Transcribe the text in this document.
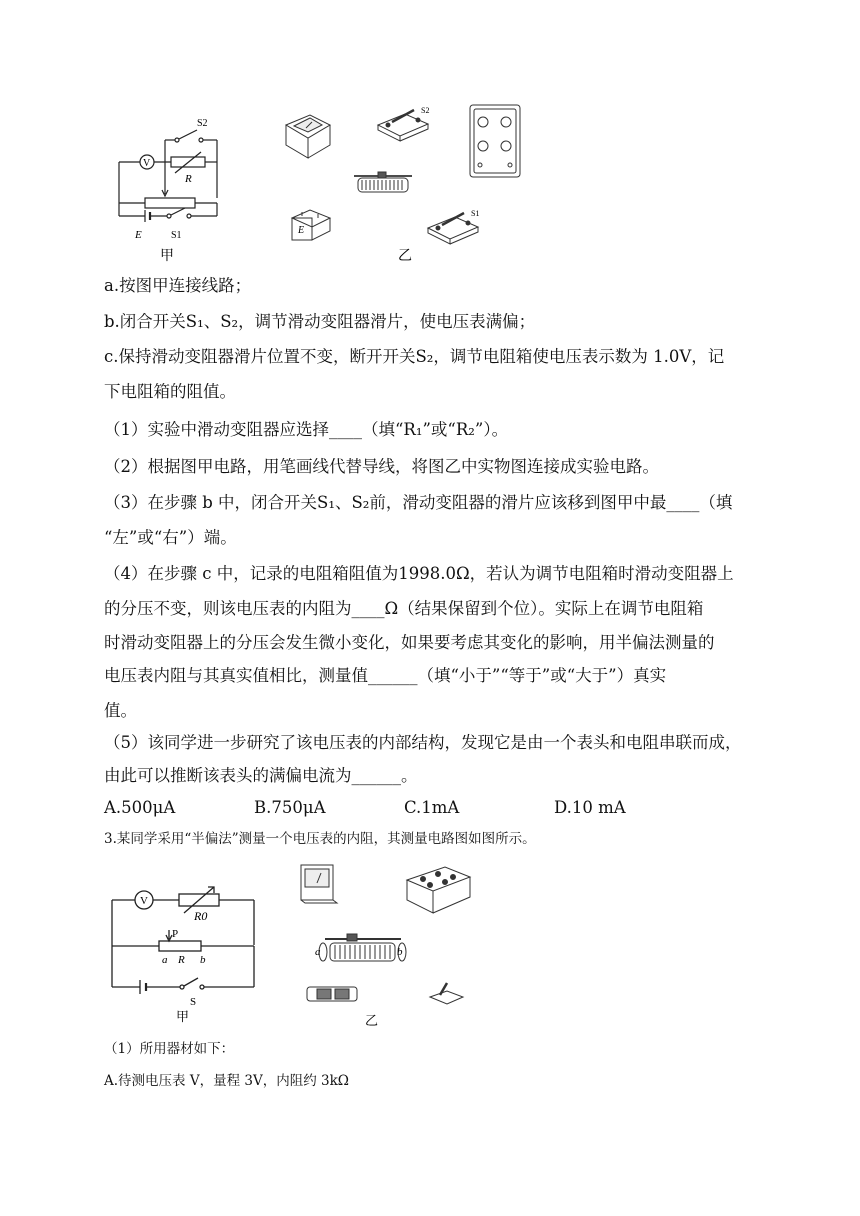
V
S2
R
E	S1
甲
S2
S1
E
乙
a.按图甲连接线路；
b.闭合开关S₁、S₂，调节滑动变阻器滑片，使电压表满偏；
c.保持滑动变阻器滑片位置不变，断开开关S₂，调节电阻箱使电压表示数为 1.0V，记
下电阻箱的阻值。
（1）实验中滑动变阻器应选择____（填“R₁”或“R₂”）。
（2）根据图甲电路，用笔画线代替导线，将图乙中实物图连接成实验电路。
（3）在步骤 b 中，闭合开关S₁、S₂前，滑动变阻器的滑片应该移到图甲中最____（填
“左”或“右”）端。
（4）在步骤 c 中，记录的电阻箱阻值为1998.0Ω，若认为调节电阻箱时滑动变阻器上
的分压不变，则该电压表的内阻为____Ω（结果保留到个位）。实际上在调节电阻箱
时滑动变阻器上的分压会发生微小变化，如果要考虑其变化的影响，用半偏法测量的
电压表内阻与其真实值相比，测量值______（填“小于”“等于”或“大于”）真实
值。
（5）该同学进一步研究了该电压表的内部结构，发现它是由一个表头和电阻串联而成，
由此可以推断该表头的满偏电流为______。
A.500μA	B.750μA	C.1mA	D.10 mA
3.某同学采用“半偏法”测量一个电压表的内阻，其测量电路图如图所示。
V
R0
P
a R b
S
甲
a	b
乙
（1）所用器材如下：
A.待测电压表 V，量程 3V，内阻约 3kΩ
